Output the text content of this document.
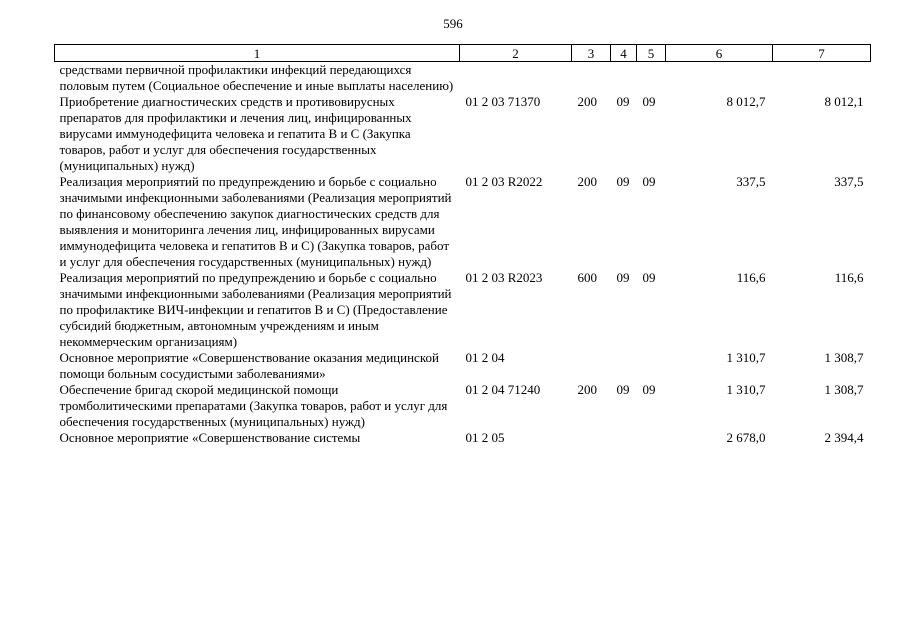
596
1	2	3	4	5	6	7
средствами первичной профилактики инфекций передающихся половым путем (Социальное обеспечение и иные выплаты населению)						
Приобретение диагностических средств и противовирусных препаратов для профилактики и лечения лиц, инфицированных вирусами иммунодефицита человека и гепатита В и С (Закупка товаров, работ и услуг для обеспечения государственных (муниципальных) нужд)	01 2 03 71370	200	09	09	8 012,7	8 012,1
Реализация мероприятий по предупреждению и борьбе с социально значимыми инфекционными заболеваниями (Реализация мероприятий по финансовому обеспечению закупок диагностических средств для выявления и мониторинга лечения лиц, инфицированных вирусами иммунодефицита человека и гепатитов В и С) (Закупка товаров, работ и услуг для обеспечения государственных (муниципальных) нужд)	01 2 03 R2022	200	09	09	337,5	337,5
Реализация мероприятий по предупреждению и борьбе с социально значимыми инфекционными заболеваниями (Реализация мероприятий по профилактике ВИЧ-инфекции и гепатитов В и С) (Предоставление субсидий бюджетным, автономным учреждениям и иным некоммерческим организациям)	01 2 03 R2023	600	09	09	116,6	116,6
Основное мероприятие «Совершенствование оказания медицинской помощи больным сосудистыми заболеваниями»	01 2 04				1 310,7	1 308,7
Обеспечение бригад скорой медицинской помощи тромболитическими препаратами (Закупка товаров, работ и услуг для обеспечения государственных (муниципальных) нужд)	01 2 04 71240	200	09	09	1 310,7	1 308,7
Основное мероприятие «Совершенствование системы	01 2 05				2 678,0	2 394,4
